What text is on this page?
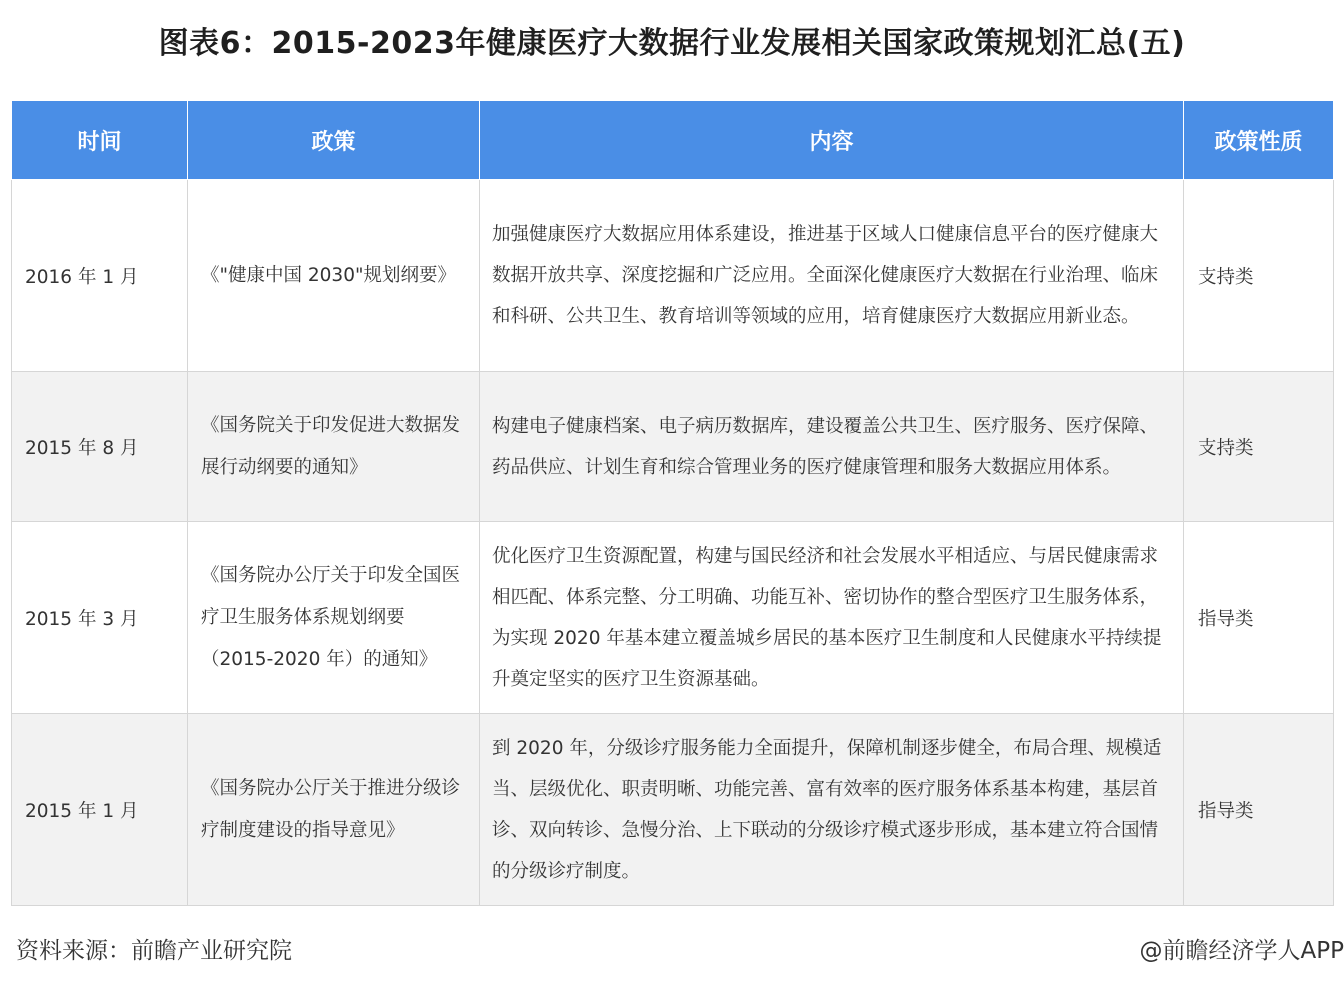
图表6：2015-2023年健康医疗大数据行业发展相关国家政策规划汇总(五)
时间	政策	内容	政策性质
2016 年 1 月	《"健康中国 2030"规划纲要》	加强健康医疗大数据应用体系建设，推进基于区域人口健康信息平台的医疗健康大数据开放共享、深度挖掘和广泛应用。全面深化健康医疗大数据在行业治理、临床和科研、公共卫生、教育培训等领域的应用，培育健康医疗大数据应用新业态。	支持类
2015 年 8 月	《国务院关于印发促进大数据发展行动纲要的通知》	构建电子健康档案、电子病历数据库，建设覆盖公共卫生、医疗服务、医疗保障、药品供应、计划生育和综合管理业务的医疗健康管理和服务大数据应用体系。	支持类
2015 年 3 月	《国务院办公厅关于印发全国医疗卫生服务体系规划纲要（2015-2020 年）的通知》	优化医疗卫生资源配置，构建与国民经济和社会发展水平相适应、与居民健康需求相匹配、体系完整、分工明确、功能互补、密切协作的整合型医疗卫生服务体系，为实现 2020 年基本建立覆盖城乡居民的基本医疗卫生制度和人民健康水平持续提升奠定坚实的医疗卫生资源基础。	指导类
2015 年 1 月	《国务院办公厅关于推进分级诊疗制度建设的指导意见》	到 2020 年，分级诊疗服务能力全面提升，保障机制逐步健全，布局合理、规模适当、层级优化、职责明晰、功能完善、富有效率的医疗服务体系基本构建，基层首诊、双向转诊、急慢分治、上下联动的分级诊疗模式逐步形成，基本建立符合国情的分级诊疗制度。	指导类
资料来源：前瞻产业研究院	@前瞻经济学人APP
